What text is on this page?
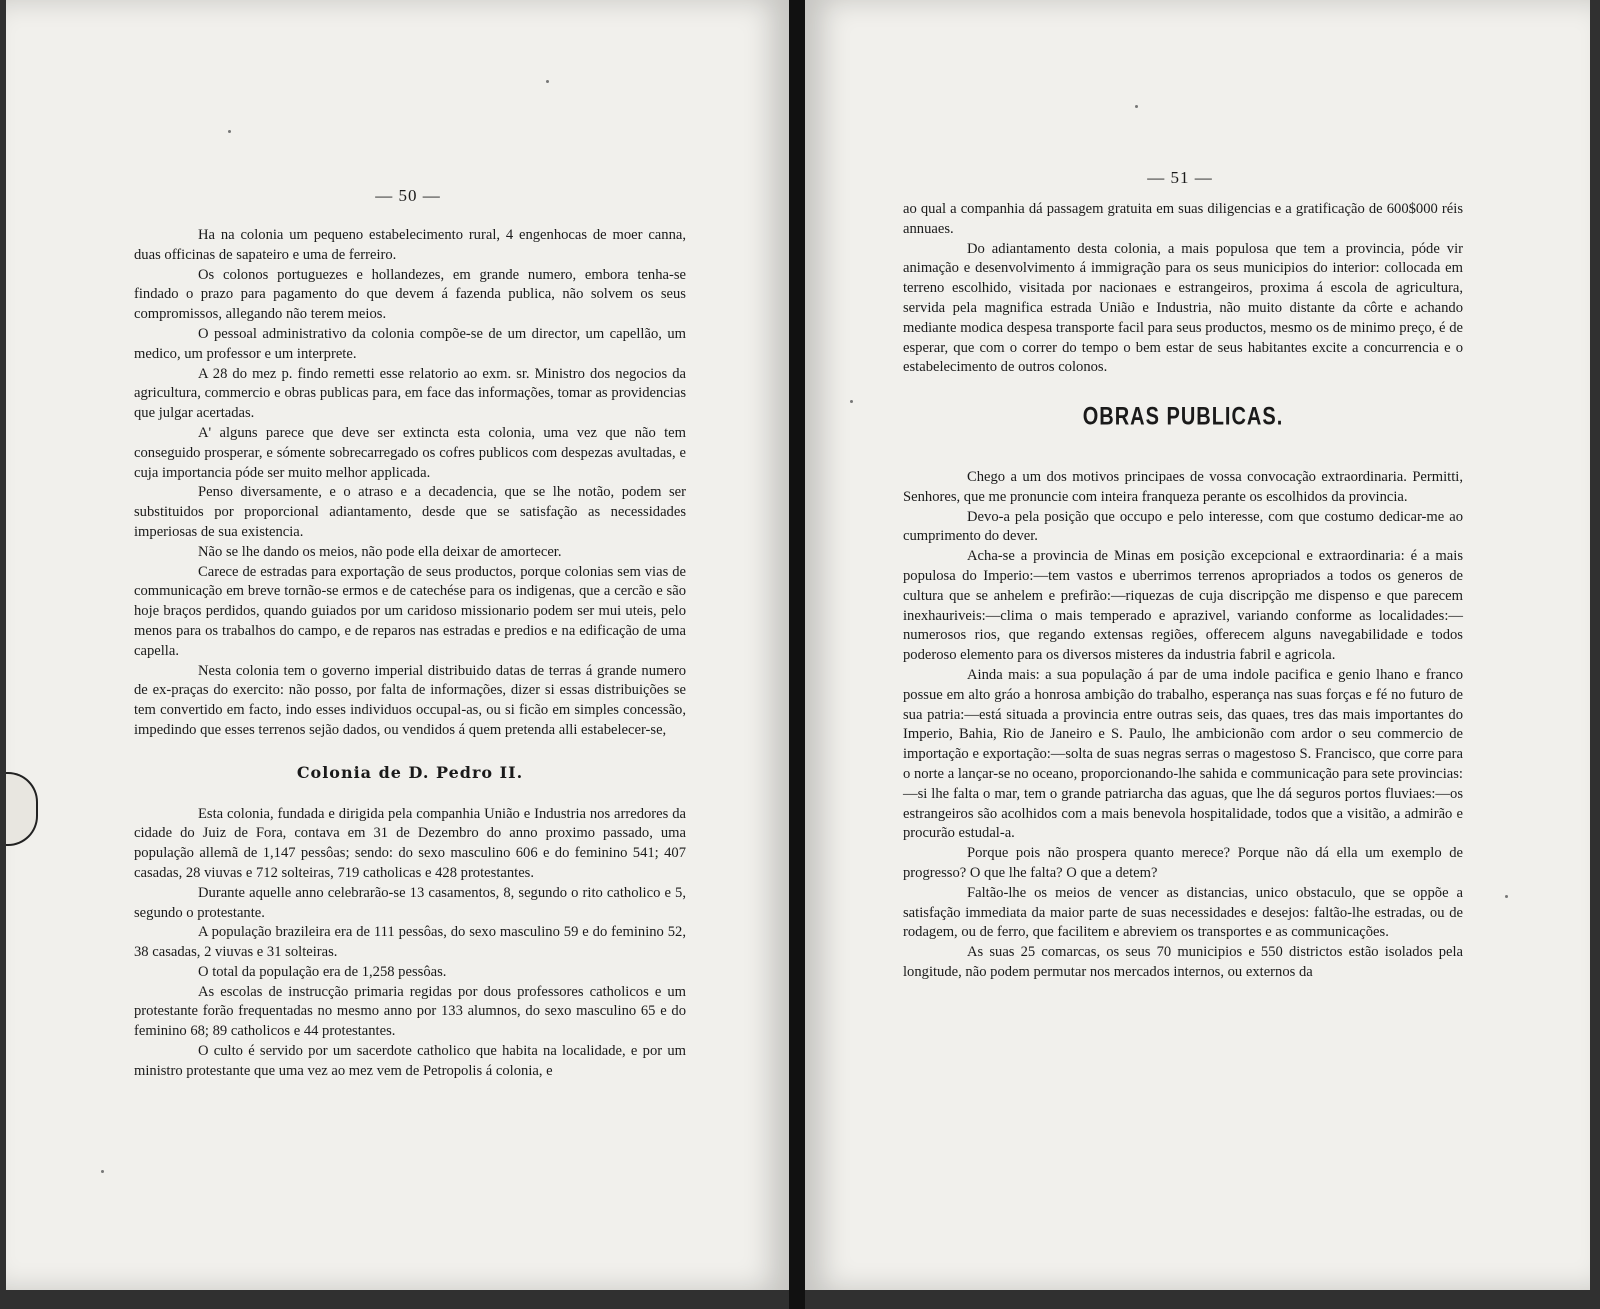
— 50 —

Ha na colonia um pequeno estabelecimento rural, 4 engenhocas de moer canna, duas officinas de sapateiro e uma de ferreiro.

Os colonos portuguezes e hollandezes, em grande numero, embora tenha-se findado o prazo para pagamento do que devem á fazenda publica, não solvem os seus compromissos, allegando não terem meios.

O pessoal administrativo da colonia compõe-se de um director, um capellão, um medico, um professor e um interprete.

A 28 do mez p. findo remetti esse relatorio ao exm. sr. Ministro dos negocios da agricultura, commercio e obras publicas para, em face das informações, tomar as providencias que julgar acertadas.

A' alguns parece que deve ser extincta esta colonia, uma vez que não tem conseguido prosperar, e sómente sobrecarregado os cofres publicos com despezas avultadas, e cuja importancia póde ser muito melhor applicada.

Penso diversamente, e o atraso e a decadencia, que se lhe notão, podem ser substituidos por proporcional adiantamento, desde que se satisfação as necessidades imperiosas de sua existencia.

Não se lhe dando os meios, não pode ella deixar de amortecer.

Carece de estradas para exportação de seus productos, porque colonias sem vias de communicação em breve tornão-se ermos e de catechése para os indigenas, que a cercão e são hoje braços perdidos, quando guiados por um caridoso missionario podem ser mui uteis, pelo menos para os trabalhos do campo, e de reparos nas estradas e predios e na edificação de uma capella.

Nesta colonia tem o governo imperial distribuido datas de terras á grande numero de ex-praças do exercito: não posso, por falta de informações, dizer si essas distribuições se tem convertido em facto, indo esses individuos occupal-as, ou si ficão em simples concessão, impedindo que esses terrenos sejão dados, ou vendidos á quem pretenda alli estabelecer-se,

Colonia de D. Pedro II.

Esta colonia, fundada e dirigida pela companhia União e Industria nos arredores da cidade do Juiz de Fora, contava em 31 de Dezembro do anno proximo passado, uma população allemã de 1,147 pessôas; sendo: do sexo masculino 606 e do feminino 541; 407 casadas, 28 viuvas e 712 solteiras, 719 catholicas e 428 protestantes.

Durante aquelle anno celebrarão-se 13 casamentos, 8, segundo o rito catholico e 5, segundo o protestante.

A população brazileira era de 111 pessôas, do sexo masculino 59 e do feminino 52, 38 casadas, 2 viuvas e 31 solteiras.

O total da população era de 1,258 pessôas.

As escolas de instrucção primaria regidas por dous professores catholicos e um protestante forão frequentadas no mesmo anno por 133 alumnos, do sexo masculino 65 e do feminino 68; 89 catholicos e 44 protestantes.

O culto é servido por um sacerdote catholico que habita na localidade, e por um ministro protestante que uma vez ao mez vem de Petropolis á colonia, e

— 51 —

ao qual a companhia dá passagem gratuita em suas diligencias e a gratificação de 600$000 réis annuaes.

Do adiantamento desta colonia, a mais populosa que tem a provincia, póde vir animação e desenvolvimento á immigração para os seus municipios do interior: collocada em terreno escolhido, visitada por nacionaes e estrangeiros, proxima á escola de agricultura, servida pela magnifica estrada União e Industria, não muito distante da côrte e achando mediante modica despesa transporte facil para seus productos, mesmo os de minimo preço, é de esperar, que com o correr do tempo o bem estar de seus habitantes excite a concurrencia e o estabelecimento de outros colonos.

OBRAS PUBLICAS.

Chego a um dos motivos principaes de vossa convocação extraordinaria. Permitti, Senhores, que me pronuncie com inteira franqueza perante os escolhidos da provincia.

Devo-a pela posição que occupo e pelo interesse, com que costumo dedicar-me ao cumprimento do dever.

Acha-se a provincia de Minas em posição excepcional e extraordinaria: é a mais populosa do Imperio:—tem vastos e uberrimos terrenos apropriados a todos os generos de cultura que se anhelem e prefirão:—riquezas de cuja discripção me dispenso e que parecem inexhauriveis:—clima o mais temperado e aprazivel, variando conforme as localidades:—numerosos rios, que regando extensas regiões, offerecem alguns navegabilidade e todos poderoso elemento para os diversos misteres da industria fabril e agricola.

Ainda mais: a sua população á par de uma indole pacifica e genio lhano e franco possue em alto gráo a honrosa ambição do trabalho, esperança nas suas forças e fé no futuro de sua patria:—está situada a provincia entre outras seis, das quaes, tres das mais importantes do Imperio, Bahia, Rio de Janeiro e S. Paulo, lhe ambicionão com ardor o seu commercio de importação e exportação:—solta de suas negras serras o magestoso S. Francisco, que corre para o norte a lançar-se no oceano, proporcionando-lhe sahida e communicação para sete provincias:—si lhe falta o mar, tem o grande patriarcha das aguas, que lhe dá seguros portos fluviaes:—os estrangeiros são acolhidos com a mais benevola hospitalidade, todos que a visitão, a admirão e procurão estudal-a.

Porque pois não prospera quanto merece? Porque não dá ella um exemplo de progresso? O que lhe falta? O que a detem?

Faltão-lhe os meios de vencer as distancias, unico obstaculo, que se oppõe a satisfação immediata da maior parte de suas necessidades e desejos: faltão-lhe estradas, ou de rodagem, ou de ferro, que facilitem e abreviem os transportes e as communicações.

As suas 25 comarcas, os seus 70 municipios e 550 districtos estão isolados pela longitude, não podem permutar nos mercados internos, ou externos da
